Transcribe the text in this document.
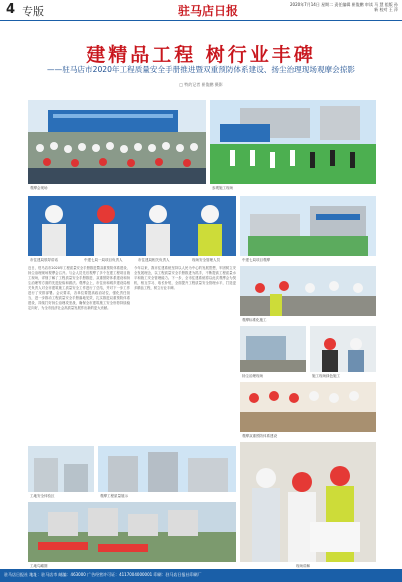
4 专版	驻马店日报	2020年7月14日 星期二 责任编辑 崔俊鹏 审读 马 慧 组版 孙 新 校对 王 萍
建精品工程 树行业丰碑
——驻马店市2020年工程质量安全手册推进暨双重预防体系建设、扬尘治理现场观摩会掠影
□ 特约记者 崔俊鹏 摄影
观摩会现场	参观施工现场
市住建局领导讲话	中建七局一局项目负责人	市住建局相关负责人	现场安全管理人员	中建七局项目观摩
近日，驻马店市2020年工程质量安全手册推进暨双重预防体系建设、扬尘治理现场观摩会召开。与会人员先后观摩了多个在建工程项目施工现场，详细了解了工程质量安全手册推进、双重预防体系建设和扬尘治理等方面的先进经验和做法。观摩会上，市住房和城乡建设局相关负责人对全市建筑施工质量安全工作进行了总结，并对下一步工作进行了安排部署。会议要求，各单位要提高政治站位，强化责任担当，进一步推动工程质量安全手册落地见效，扎实推进双重预防体系建设，持续打好扬尘治理攻坚战，确保全市建筑施工安全形势持续稳定向好，为全市经济社会高质量发展作出新的更大贡献。
今年以来，我市住建系统坚持以人民为中心的发展思想，牢固树立安全发展理念，以工程质量安全手册推进为抓手，不断提高工程质量水平和施工安全管理能力。下一步，全市住建系统将以此次观摩会为契机，相互学习、取长补短，全面提升工程质量安全管理水平，打造更多精品工程，树立行业丰碑。
观摩标准化施工
扬尘治理现场	施工现场绿色施工
观摩双重预防体系建设
工地安全体验区	观摩工程质量展示
工地鸟瞰图	现场讲解
驻马店日报社 地址：驻马店市 邮编：463000 广告经营许可证：4117004000001 印刷：驻马店日报社印刷厂
